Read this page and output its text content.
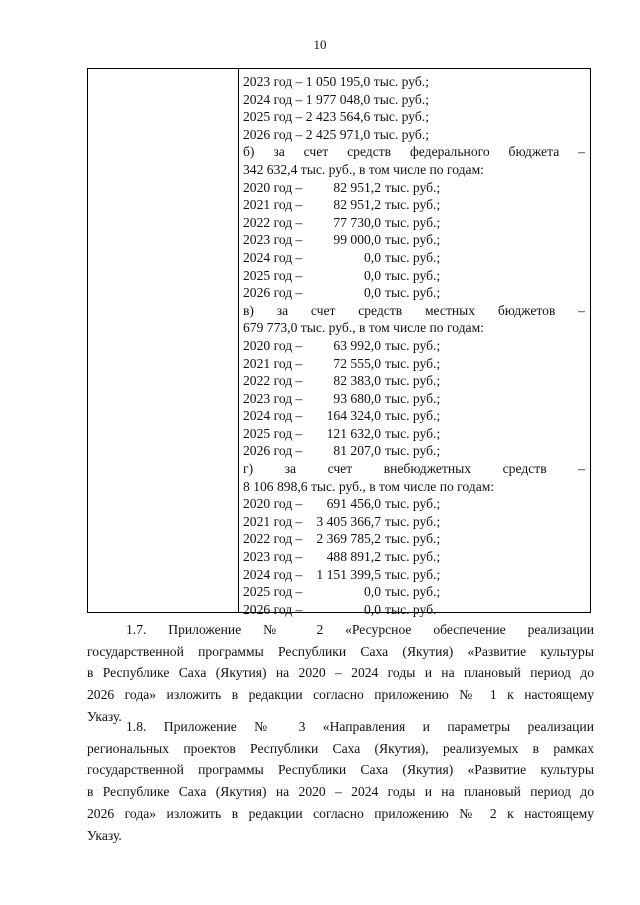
10
2023 год – 1 050 195,0 тыс. руб.;
2024 год – 1 977 048,0 тыс. руб.;
2025 год – 2 423 564,6 тыс. руб.;
2026 год – 2 425 971,0 тыс. руб.;
б) за счет средств федерального бюджета –
342 632,4 тыс. руб., в том числе по годам:
2020 год – 82 951,2 тыс. руб.;
2021 год – 82 951,2 тыс. руб.;
2022 год – 77 730,0 тыс. руб.;
2023 год – 99 000,0 тыс. руб.;
2024 год –	0,0 тыс. руб.;
2025 год –	0,0 тыс. руб.;
2026 год –	0,0 тыс. руб.;
в) за счет средств местных бюджетов –
679 773,0 тыс. руб., в том числе по годам:
2020 год – 63 992,0 тыс. руб.;
2021 год – 72 555,0 тыс. руб.;
2022 год – 82 383,0 тыс. руб.;
2023 год – 93 680,0 тыс. руб.;
2024 год – 164 324,0 тыс. руб.;
2025 год – 121 632,0 тыс. руб.;
2026 год – 81 207,0 тыс. руб.;
г) за счет внебюджетных средств –
8 106 898,6 тыс. руб., в том числе по годам:
2020 год – 691 456,0 тыс. руб.;
2021 год – 3 405 366,7 тыс. руб.;
2022 год – 2 369 785,2 тыс. руб.;
2023 год – 488 891,2 тыс. руб.;
2024 год – 1 151 399,5 тыс. руб.;
2025 год –	0,0 тыс. руб.;
2026 год –	0,0 тыс. руб.

1.7. Приложение № 2 «Ресурсное обеспечение реализации

государственной программы Республики Саха (Якутия) «Развитие культуры

в Республике Саха (Якутия) на 2020 – 2024 годы и на плановый период до

2026 года» изложить в редакции согласно приложению № 1 к настоящему

Указу.

1.8. Приложение № 3 «Направления и параметры реализации

региональных проектов Республики Саха (Якутия), реализуемых в рамках

государственной программы Республики Саха (Якутия) «Развитие культуры

в Республике Саха (Якутия) на 2020 – 2024 годы и на плановый период до

2026 года» изложить в редакции согласно приложению № 2 к настоящему

Указу.
